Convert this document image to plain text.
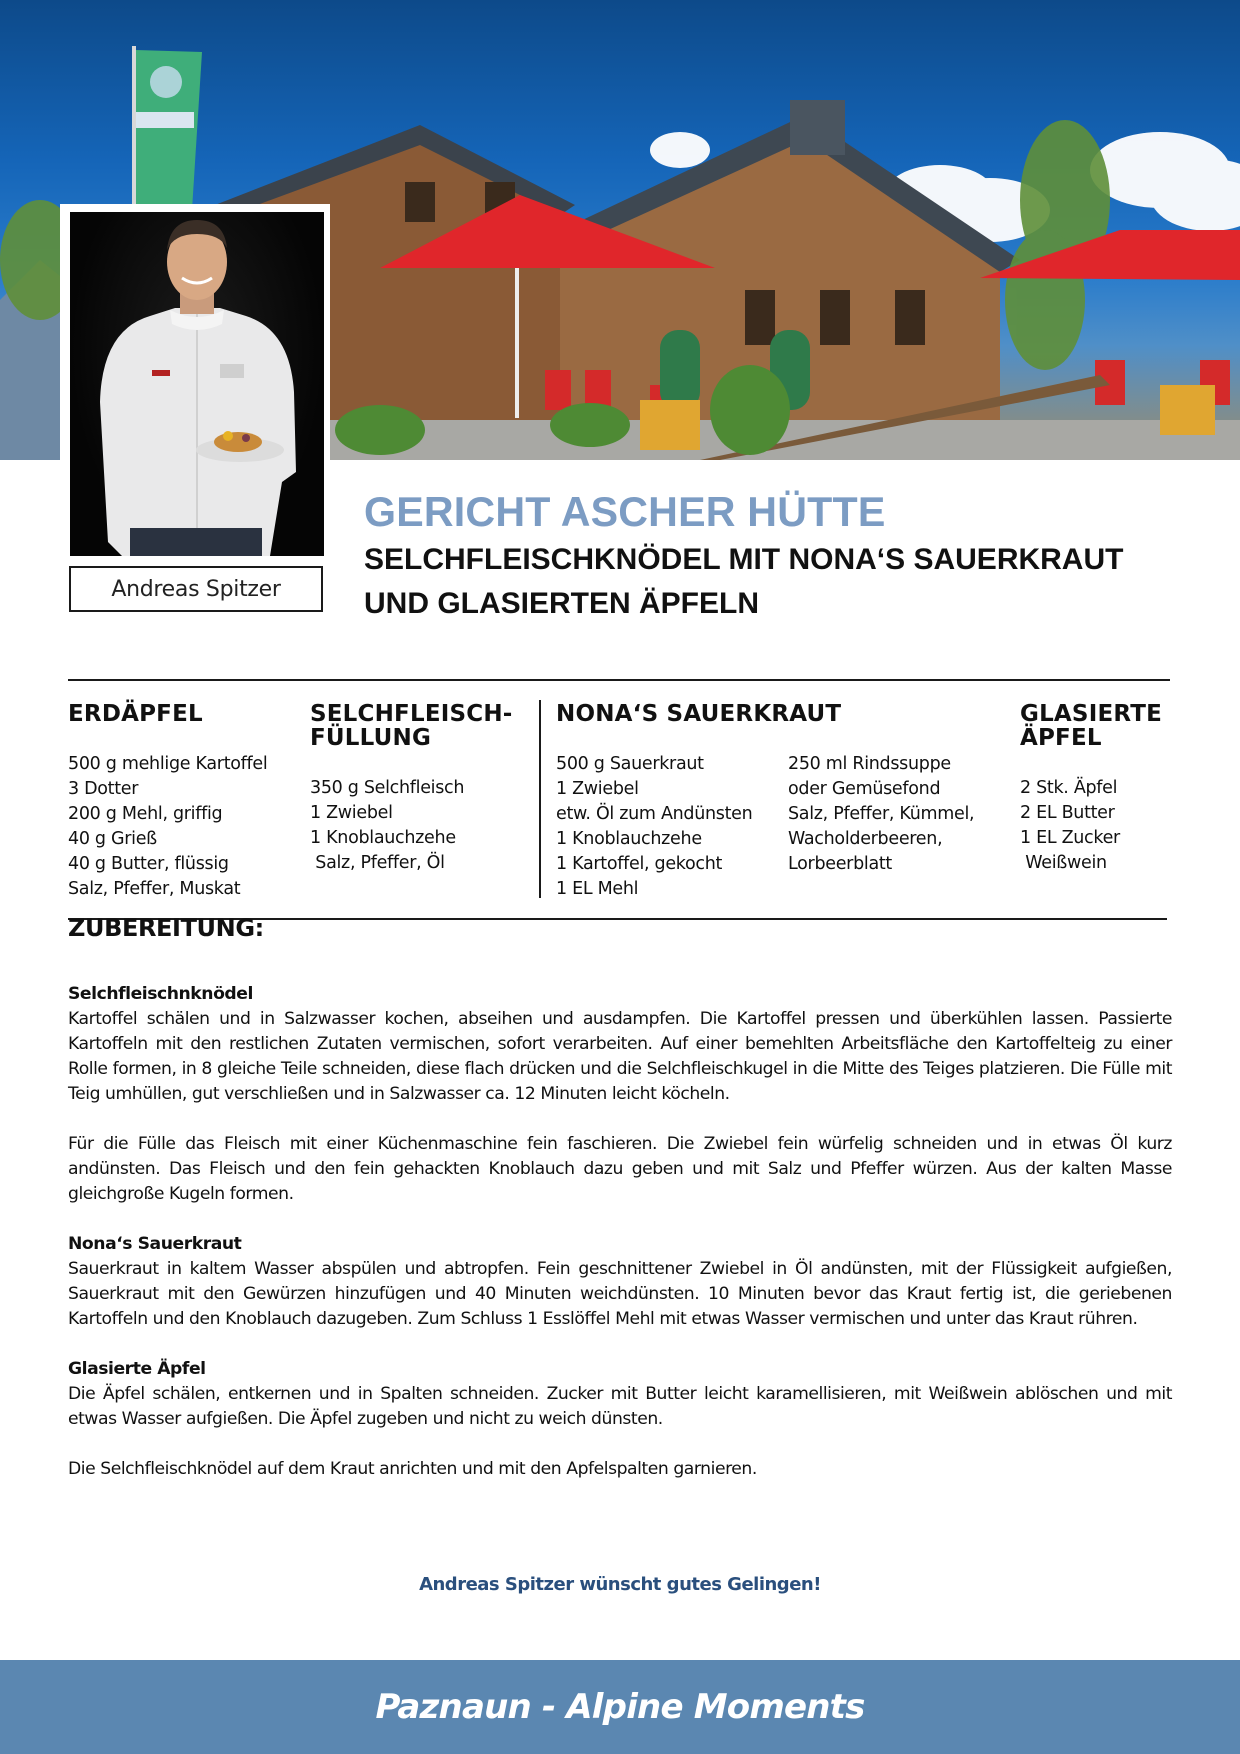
Andreas Spitzer
GERICHT ASCHER HÜTTE
SELCHFLEISCHKNÖDEL MIT NONA‘S SAUERKRAUT
UND GLASIERTEN ÄPFELN
ERDÄPFEL
500 g mehlige Kartoffel
3 Dotter
200 g Mehl, griffig
40 g Grieß
40 g Butter, flüssig
Salz, Pfeffer, Muskat
SELCHFLEISCH-
FÜLLUNG
350 g Selchfleisch
1 Zwiebel
1 Knoblauchzehe
Salz, Pfeffer, Öl
NONA‘S SAUERKRAUT
500 g Sauerkraut
1 Zwiebel
etw. Öl zum Andünsten
1 Knoblauchzehe
1 Kartoffel, gekocht
1 EL Mehl
250 ml Rindssuppe
oder Gemüsefond
Salz, Pfeffer, Kümmel,
Wacholderbeeren,
Lorbeerblatt
GLASIERTE
ÄPFEL
2 Stk. Äpfel
2 EL Butter
1 EL Zucker
Weißwein
ZUBEREITUNG:
Selchfleischnknödel

Kartoffel schälen und in Salzwasser kochen, abseihen und ausdampfen. Die Kartoffel pressen und überkühlen lassen. Passierte Kartoffeln mit den restlichen Zutaten vermischen, sofort verarbeiten. Auf einer bemehlten Arbeitsfläche den Kartoffelteig zu einer Rolle formen, in 8 gleiche Teile schneiden, diese flach drücken und die Selchfleischkugel in die Mitte des Teiges platzieren. Die Fülle mit Teig umhüllen, gut verschließen und in Salzwasser ca. 12 Minuten leicht köcheln.

Für die Fülle das Fleisch mit einer Küchenmaschine fein faschieren. Die Zwiebel fein würfelig schneiden und in etwas Öl kurz andünsten. Das Fleisch und den fein gehackten Knoblauch dazu geben und mit Salz und Pfeffer würzen. Aus der kalten Masse gleichgroße Kugeln formen.

Nona‘s Sauerkraut

Sauerkraut in kaltem Wasser abspülen und abtropfen. Fein geschnittener Zwiebel in Öl andünsten, mit der Flüssigkeit aufgießen, Sauerkraut mit den Gewürzen hinzufügen und 40 Minuten weichdünsten. 10 Minuten bevor das Kraut fertig ist, die geriebenen Kartoffeln und den Knoblauch dazugeben. Zum Schluss 1 Esslöffel Mehl mit etwas Wasser vermischen und unter das Kraut rühren.

Glasierte Äpfel

Die Äpfel schälen, entkernen und in Spalten schneiden. Zucker mit Butter leicht karamellisieren, mit Weißwein ablöschen und mit etwas Wasser aufgießen. Die Äpfel zugeben und nicht zu weich dünsten.

Die Selchfleischknödel auf dem Kraut anrichten und mit den Apfelspalten garnieren.

Andreas Spitzer wünscht gutes Gelingen!
Paznaun - Alpine Moments
